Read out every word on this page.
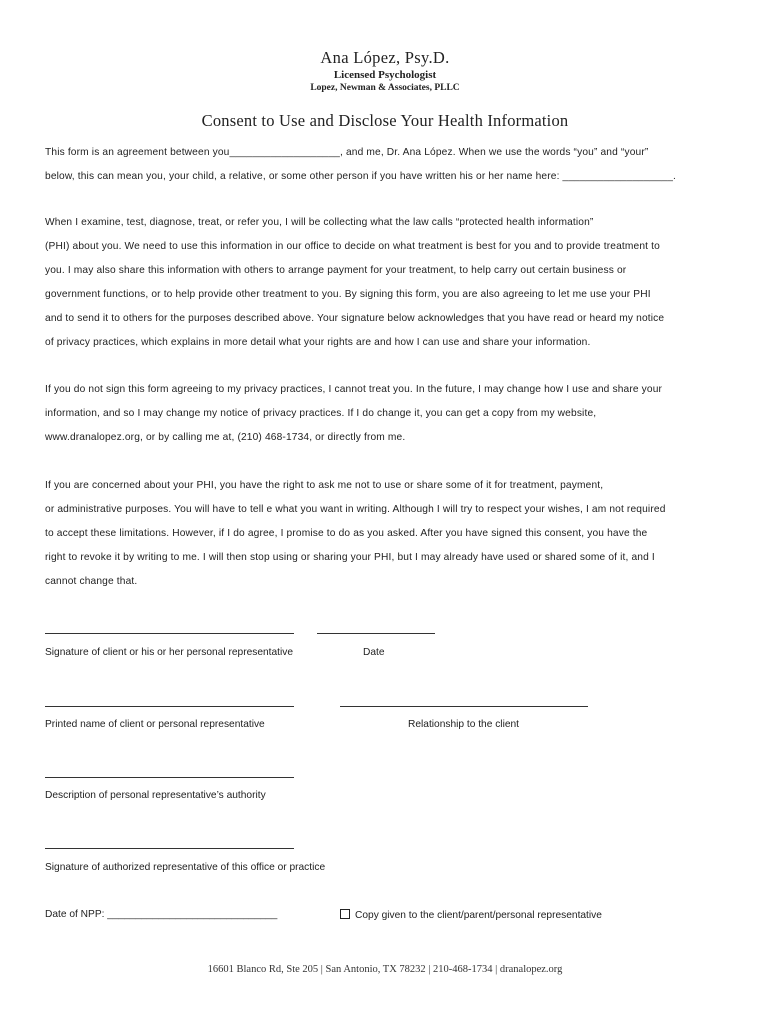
Ana López, Psy.D.
Licensed Psychologist
Lopez, Newman & Associates, PLLC
Consent to Use and Disclose Your Health Information
This form is an agreement between you___________________, and me, Dr. Ana López. When we use the words “you” and “your”
below, this can mean you, your child, a relative, or some other person if you have written his or her name here: ___________________.
When I examine, test, diagnose, treat, or refer you, I will be collecting what the law calls “protected health information”
(PHI) about you. We need to use this information in our office to decide on what treatment is best for you and to provide treatment to
you. I may also share this information with others to arrange payment for your treatment, to help carry out certain business or
government functions, or to help provide other treatment to you. By signing this form, you are also agreeing to let me use your PHI
and to send it to others for the purposes described above. Your signature below acknowledges that you have read or heard my notice
of privacy practices, which explains in more detail what your rights are and how I can use and share your information.
If you do not sign this form agreeing to my privacy practices, I cannot treat you. In the future, I may change how I use and share your
information, and so I may change my notice of privacy practices. If I do change it, you can get a copy from my website,
www.dranalopez.org, or by calling me at, (210) 468-1734, or directly from me.
If you are concerned about your PHI, you have the right to ask me not to use or share some of it for treatment, payment,
or administrative purposes. You will have to tell e what you want in writing. Although I will try to respect your wishes, I am not required
to accept these limitations. However, if I do agree, I promise to do as you asked. After you have signed this consent, you have the
right to revoke it by writing to me. I will then stop using or sharing your PHI, but I may already have used or shared some of it, and I
cannot change that.
Signature of client or his or her personal representative	Date
Printed name of client or personal representative	Relationship to the client
Description of personal representative’s authority
Signature of authorized representative of this office or practice
Date of NPP: ______________________________	Copy given to the client/parent/personal representative
16601 Blanco Rd, Ste 205 | San Antonio, TX 78232 | 210-468-1734 | dranalopez.org
